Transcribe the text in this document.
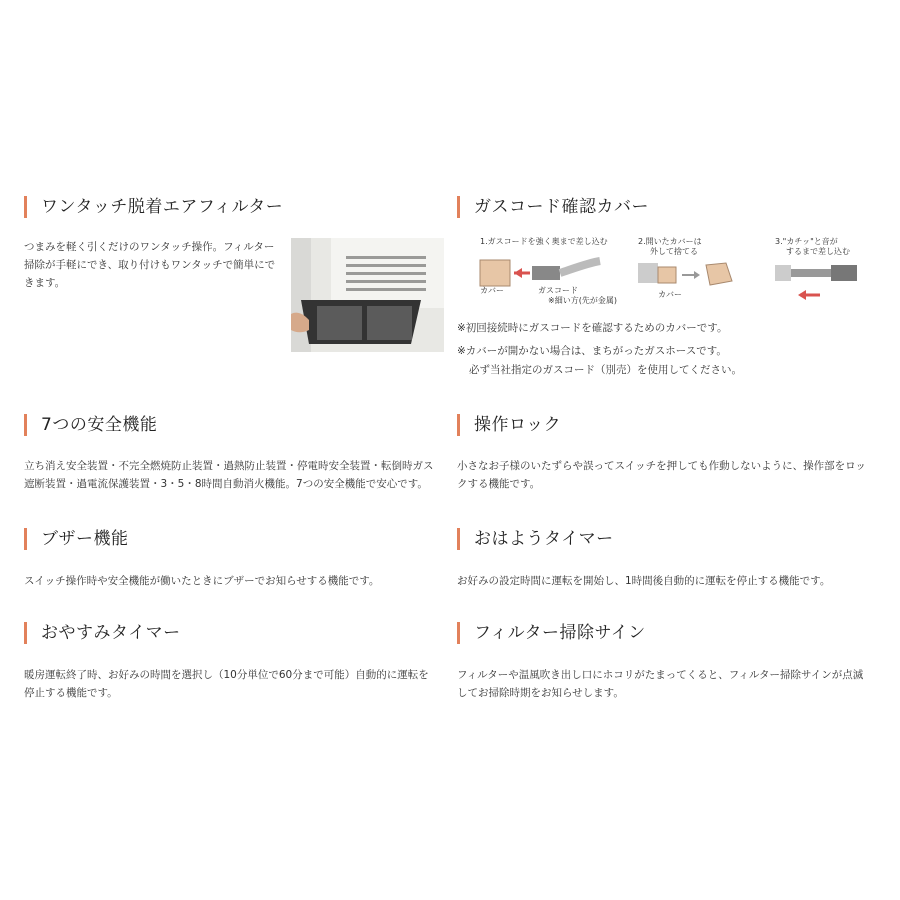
ワンタッチ脱着エアフィルター
つまみを軽く引くだけのワンタッチ操作。フィルター
掃除が手軽にでき、取り付けもワンタッチで簡単にで
きます。
ガスコード確認カバー
1.ガスコードを強く奥まで差し込む
カバー	ガスコード
※細い方(先が金属)
2.開いたカバーは
外して捨てる
カバー
3."カチッ"と音が
するまで差し込む
※初回接続時にガスコードを確認するためのカバーです。
※カバーが開かない場合は、まちがったガスホースです。
必ず当社指定のガスコード（別売）を使用してください。
7つの安全機能
立ち消え安全装置・不完全燃焼防止装置・過熱防止装置・停電時安全装置・転倒時ガス
遮断装置・過電流保護装置・3・5・8時間自動消火機能。7つの安全機能で安心です。
操作ロック
小さなお子様のいたずらや誤ってスイッチを押しても作動しないように、操作部をロッ
クする機能です。
ブザー機能
スイッチ操作時や安全機能が働いたときにブザーでお知らせする機能です。
おはようタイマー
お好みの設定時間に運転を開始し、1時間後自動的に運転を停止する機能です。
おやすみタイマー
暖房運転終了時、お好みの時間を選択し（10分単位で60分まで可能）自動的に運転を
停止する機能です。
フィルター掃除サイン
フィルターや温風吹き出し口にホコリがたまってくると、フィルター掃除サインが点滅
してお掃除時期をお知らせします。
